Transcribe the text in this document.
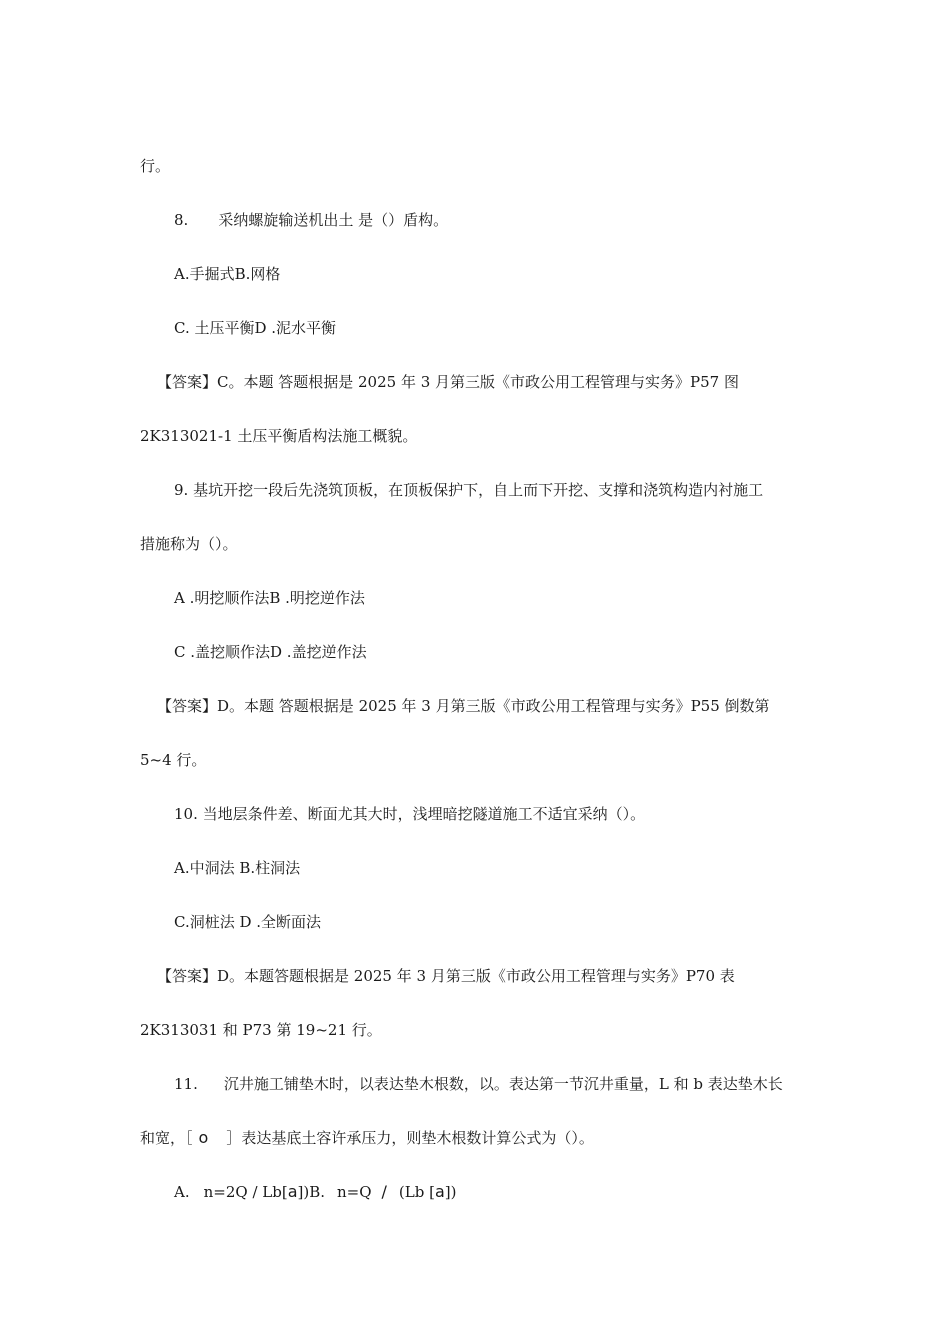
行。
8. 采纳螺旋输送机出土 是（）盾构。
A.手掘式B.网格
C. 土压平衡D .泥水平衡
【答案】C。本题 答题根据是 2025 年 3 月第三版《市政公用工程管理与实务》P57 图
2K313021-1 土压平衡盾构法施工概貌。
9. 基坑开挖一段后先浇筑顶板，在顶板保护下，自上而下开挖、支撑和浇筑构造内衬施工
措施称为（）。
A .明挖顺作法B .明挖逆作法
C .盖挖顺作法D .盖挖逆作法
【答案】D。本题 答题根据是 2025 年 3 月第三版《市政公用工程管理与实务》P55 倒数第
5~4 行。
10. 当地层条件差、断面尤其大时，浅埋暗挖隧道施工不适宜采纳（）。
A.中洞法 B.柱洞法
C.洞桩法 D .全断面法
【答案】D。本题答题根据是 2025 年 3 月第三版《市政公用工程管理与实务》P70 表
2K313031 和 P73 第 19~21 行。
11. 沉井施工铺垫木时，以表达垫木根数，以。表达第一节沉井重量，L 和 b 表达垫木长
和宽，［ o ］表达基底土容许承压力，则垫木根数计算公式为（）。
A. n=2Q / Lb[a])B. n=Q / (Lb [a])
